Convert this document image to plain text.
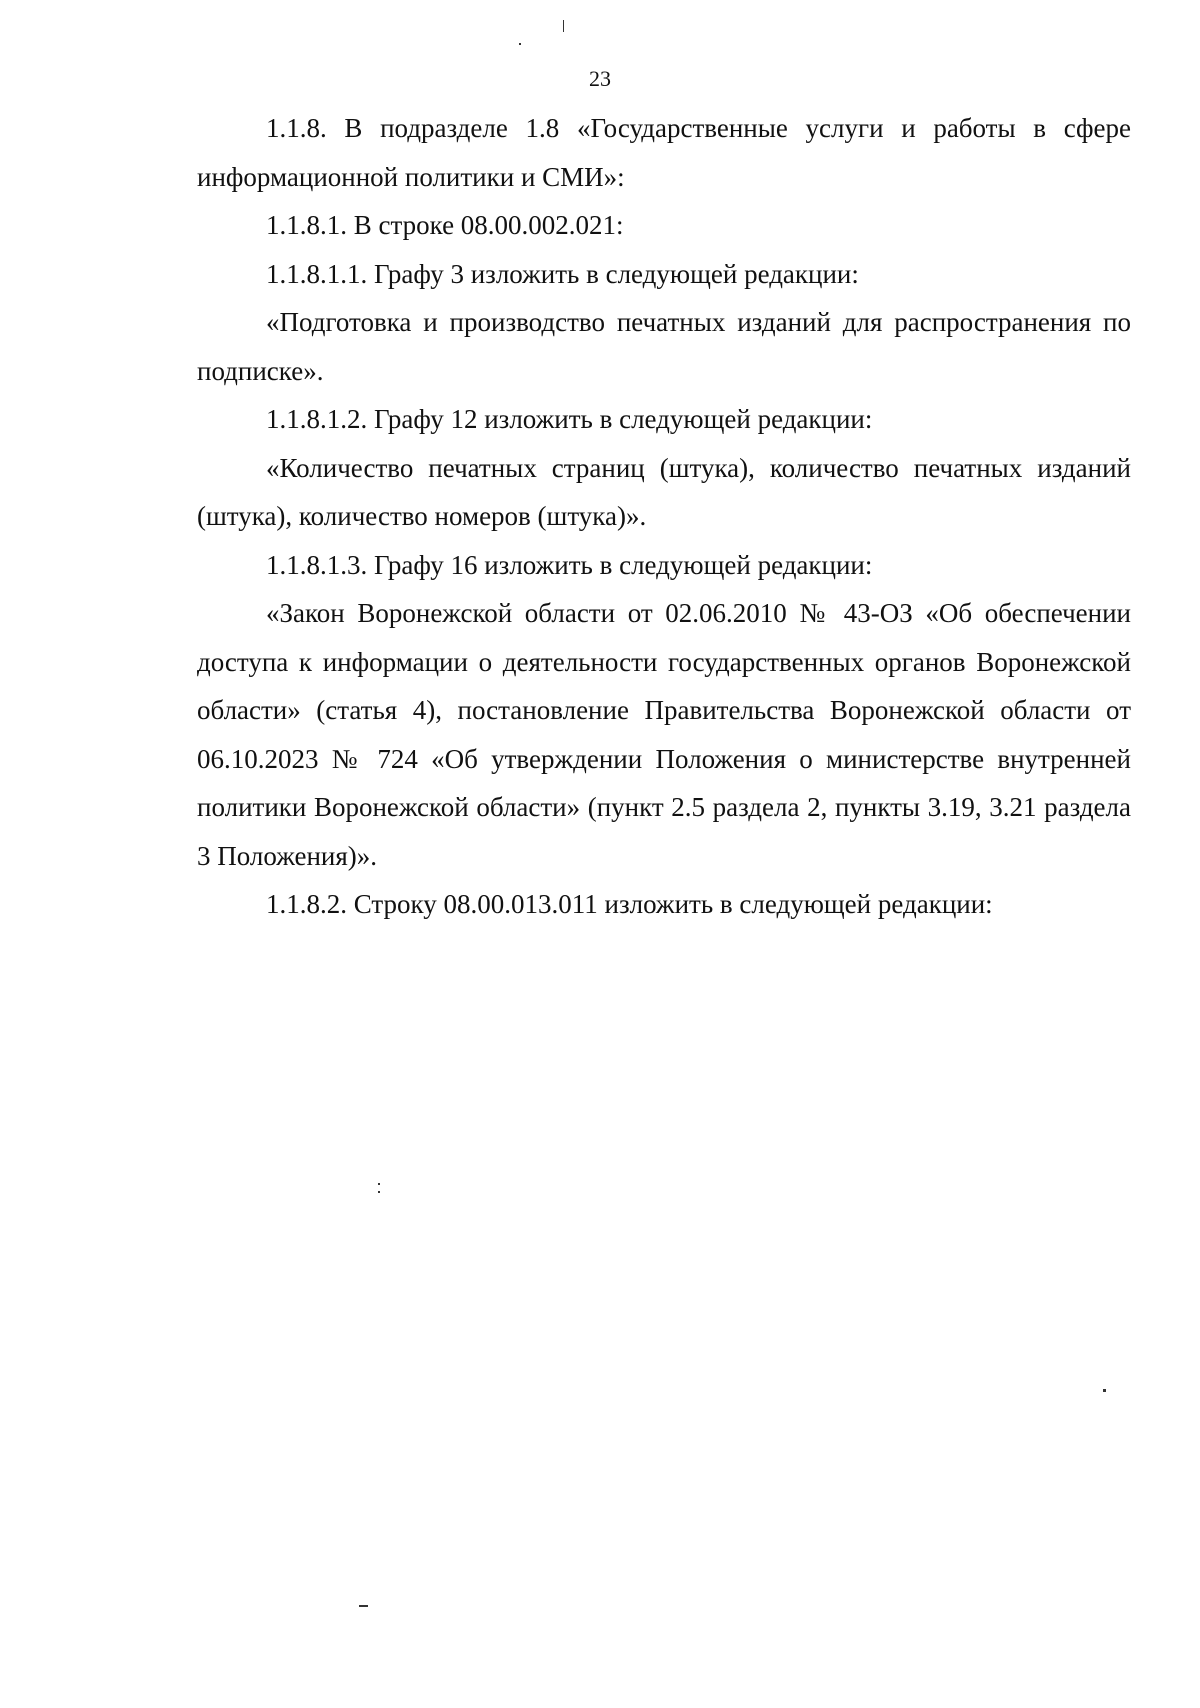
23

1.1.8. В подразделе 1.8 «Государственные услуги и работы в сфере информационной политики и СМИ»:

1.1.8.1. В строке 08.00.002.021:

1.1.8.1.1. Графу 3 изложить в следующей редакции:

«Подготовка и производство печатных изданий для распространения по подписке».

1.1.8.1.2. Графу 12 изложить в следующей редакции:

«Количество печатных страниц (штука), количество печатных изданий (штука), количество номеров (штука)».

1.1.8.1.3. Графу 16 изложить в следующей редакции:

«Закон Воронежской области от 02.06.2010 № 43-ОЗ «Об обеспечении доступа к информации о деятельности государственных органов Воронежской области» (статья 4), постановление Правительства Воронежской области от 06.10.2023 № 724 «Об утверждении Положения о министерстве внутренней политики Воронежской области» (пункт 2.5 раздела 2, пункты 3.19, 3.21 раздела 3 Положения)».

1.1.8.2. Строку 08.00.013.011 изложить в следующей редакции:
